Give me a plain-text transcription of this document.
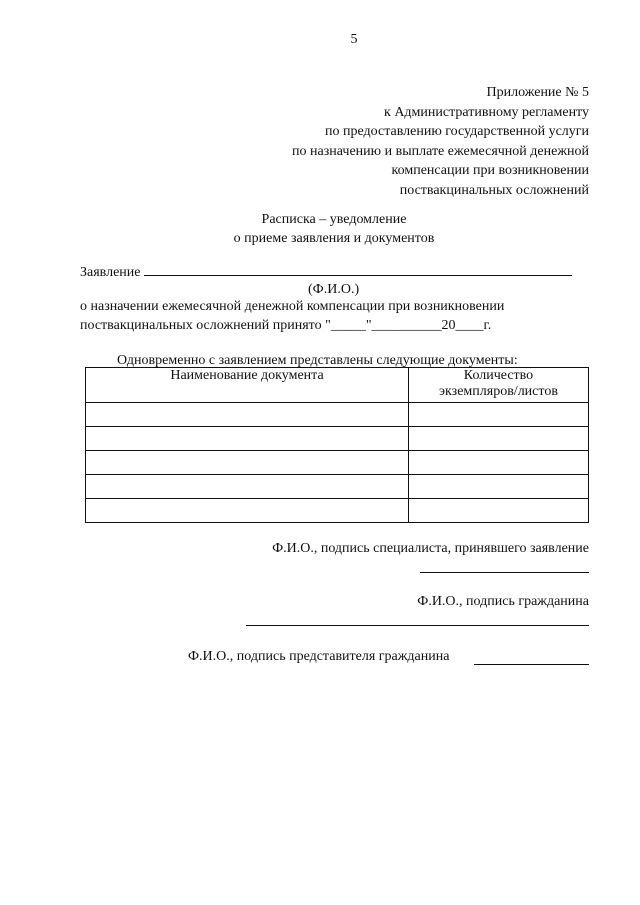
5
Приложение № 5
к Административному регламенту
по предоставлению государственной услуги
по назначению и выплате ежемесячной денежной
компенсации при возникновении
поствакцинальных осложнений
Расписка – уведомление
о приеме заявления и документов
Заявление
(Ф.И.О.)
о назначении ежемесячной денежной компенсации при возникновении
поствакцинальных осложнений принято "_____"__________20____г.
Одновременно с заявлением представлены следующие документы:
Наименование документа	Количество экземпляров/листов

Ф.И.О., подпись специалиста, принявшего заявление
Ф.И.О., подпись гражданина
Ф.И.О., подпись представителя гражданина
